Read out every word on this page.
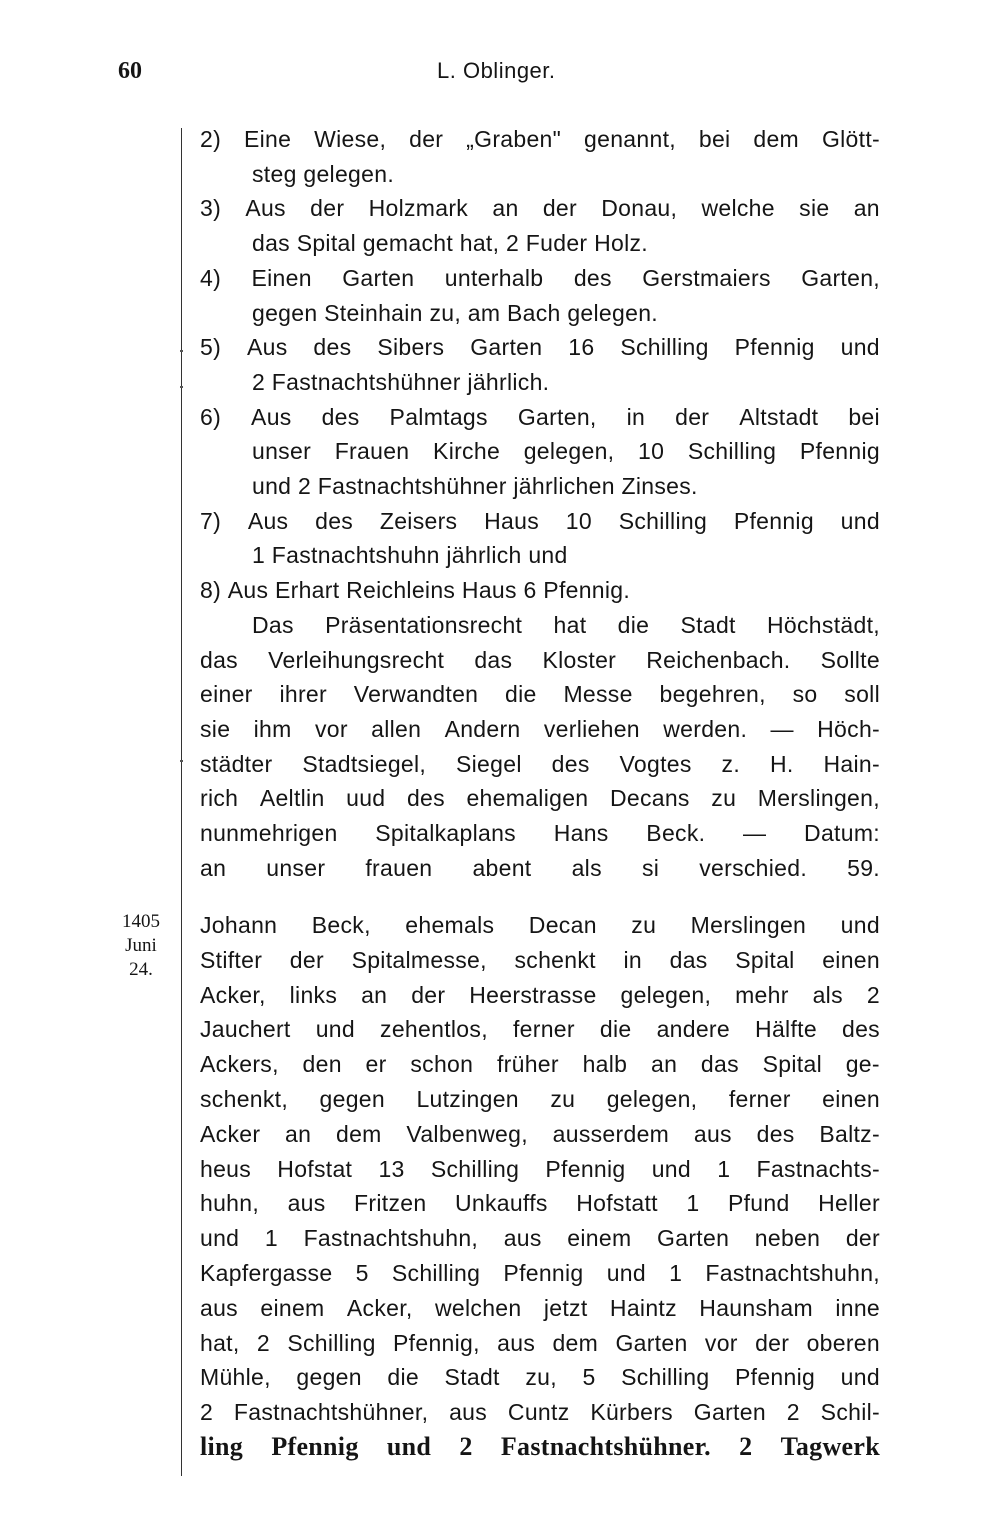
60	L. Oblinger.
1405
Juni
24.
2) Eine Wiese, der „Graben" genannt, bei dem Glött-
steg gelegen.
3) Aus der Holzmark an der Donau, welche sie an
das Spital gemacht hat, 2 Fuder Holz.
4) Einen Garten unterhalb des Gerstmaiers Garten,
gegen Steinhain zu, am Bach gelegen.
5) Aus des Sibers Garten 16 Schilling Pfennig und
2 Fastnachtshühner jährlich.
6) Aus des Palmtags Garten, in der Altstadt bei
unser Frauen Kirche gelegen, 10 Schilling Pfennig
und 2 Fastnachtshühner jährlichen Zinses.
7) Aus des Zeisers Haus 10 Schilling Pfennig und
1 Fastnachtshuhn jährlich und
8) Aus Erhart Reichleins Haus 6 Pfennig.
Das Präsentationsrecht hat die Stadt Höchstädt,
das Verleihungsrecht das Kloster Reichenbach. Sollte
einer ihrer Verwandten die Messe begehren, so soll
sie ihm vor allen Andern verliehen werden. — Höch-
städter Stadtsiegel, Siegel des Vogtes z. H. Hain-
rich Aeltlin uud des ehemaligen Decans zu Merslingen,
nunmehrigen Spitalkaplans Hans Beck. — Datum:
an unser frauen abent als si verschied. 59.
Johann Beck, ehemals Decan zu Merslingen und
Stifter der Spitalmesse, schenkt in das Spital einen
Acker, links an der Heerstrasse gelegen, mehr als 2
Jauchert und zehentlos, ferner die andere Hälfte des
Ackers, den er schon früher halb an das Spital ge-
schenkt, gegen Lutzingen zu gelegen, ferner einen
Acker an dem Valbenweg, ausserdem aus des Baltz-
heus Hofstat 13 Schilling Pfennig und 1 Fastnachts-
huhn, aus Fritzen Unkauffs Hofstatt 1 Pfund Heller
und 1 Fastnachtshuhn, aus einem Garten neben der
Kapfergasse 5 Schilling Pfennig und 1 Fastnachtshuhn,
aus einem Acker, welchen jetzt Haintz Haunsham inne
hat, 2 Schilling Pfennig, aus dem Garten vor der oberen
Mühle, gegen die Stadt zu, 5 Schilling Pfennig und
2 Fastnachtshühner, aus Cuntz Kürbers Garten 2 Schil-
ling Pfennig und 2 Fastnachtshühner. 2 Tagwerk
